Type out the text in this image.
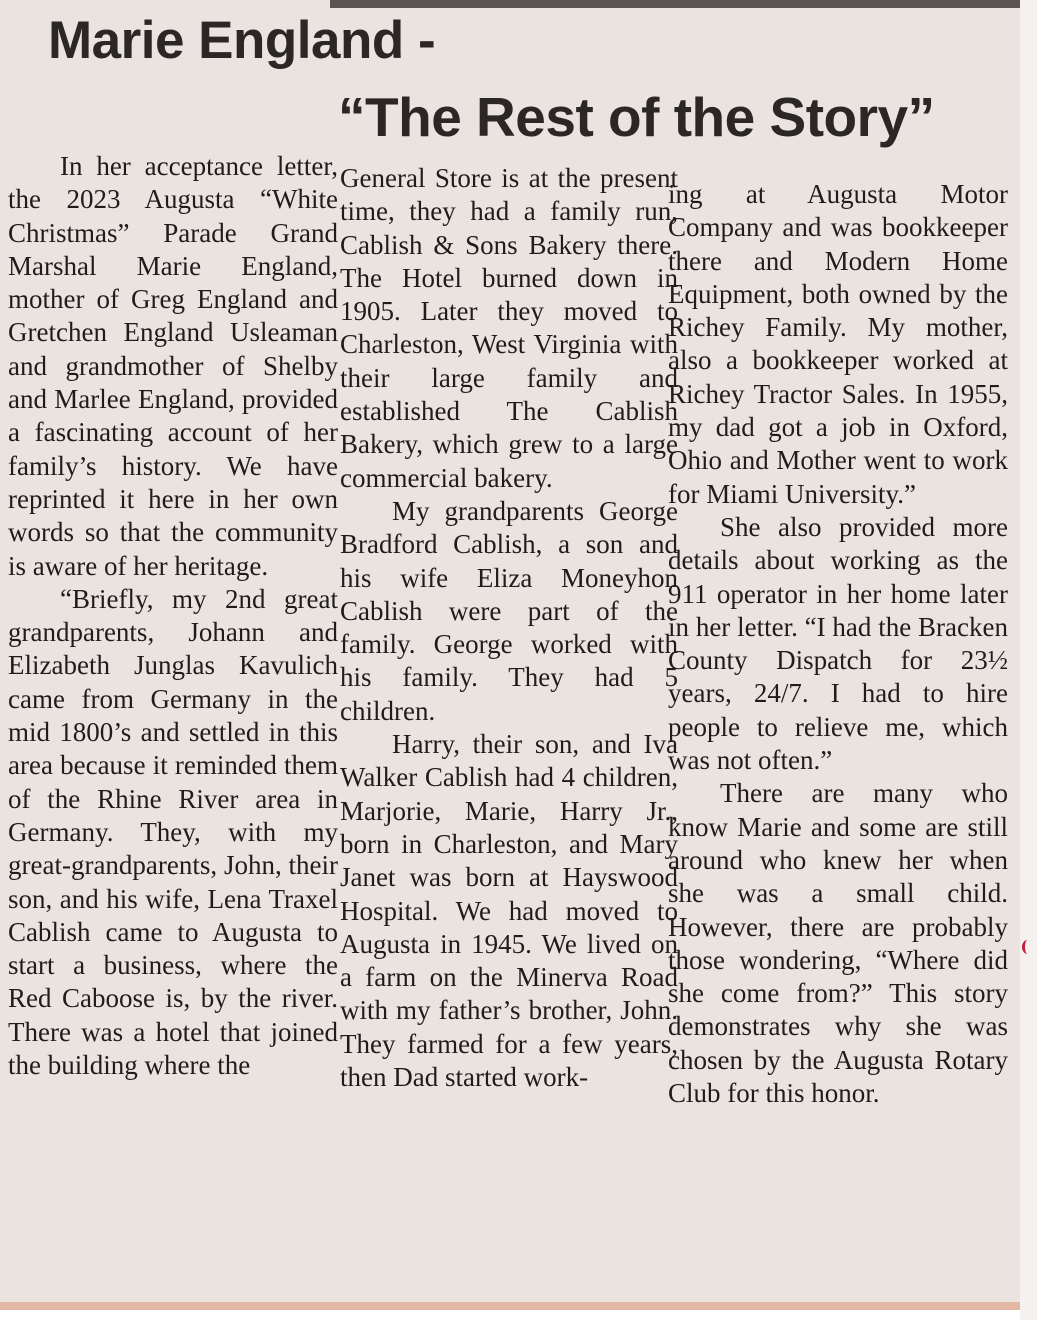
Marie England -
“The Rest of the Story”

In her acceptance letter, the 2023 Augusta “White Christmas” Parade Grand Marshal Marie England, mother of Greg England and Gretchen England Usleaman and grandmother of Shelby and Marlee England, provided a fascinating account of her family’s history. We have reprinted it here in her own words so that the community is aware of her heritage.

“Briefly, my 2nd great grandparents, Johann and Elizabeth Junglas Kavulich came from Germany in the mid 1800’s and settled in this area because it reminded them of the Rhine River area in Germany. They, with my great-grandparents, John, their son, and his wife, Lena Traxel Cablish came to Augusta to start a business, where the Red Caboose is, by the river. There was a hotel that joined the building where the

General Store is at the present time, they had a family run, Cablish & Sons Bakery there. The Hotel burned down in 1905. Later they moved to Charleston, West Virginia with their large family and established The Cablish Bakery, which grew to a large commercial bakery.

My grandparents George Bradford Cablish, a son and his wife Eliza Moneyhon Cablish were part of the family. George worked with his family. They had 5 children.

Harry, their son, and Iva Walker Cablish had 4 children, Marjorie, Marie, Harry Jr., born in Charleston, and Mary Janet was born at Hayswood Hospital. We had moved to Augusta in 1945. We lived on a farm on the Minerva Road with my father’s brother, John. They farmed for a few years, then Dad started work-

ing at Augusta Motor Company and was bookkeeper there and Modern Home Equipment, both owned by the Richey Family. My mother, also a bookkeeper worked at Richey Tractor Sales. In 1955, my dad got a job in Oxford, Ohio and Mother went to work for Miami University.”

She also provided more details about working as the 911 operator in her home later in her letter. “I had the Bracken County Dispatch for 23½ years, 24/7. I had to hire people to relieve me, which was not often.”

There are many who know Marie and some are still around who knew her when she was a small child. However, there are probably those wondering, “Where did she come from?” This story demonstrates why she was chosen by the Augusta Rotary Club for this honor.
